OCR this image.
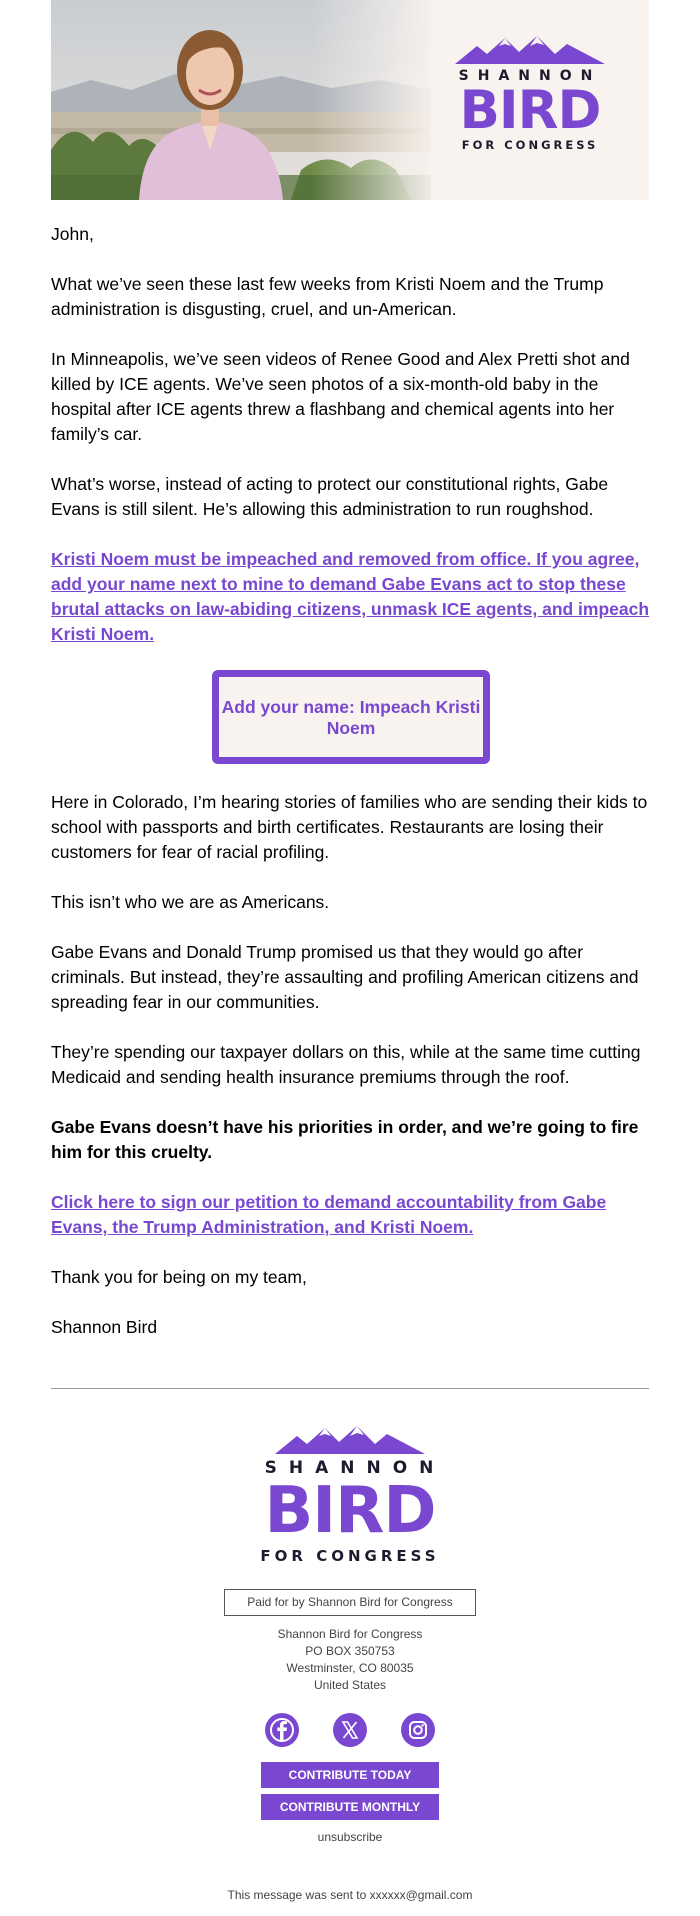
SHANNON
BIRD
FOR CONGRESS

John,

What we’ve seen these last few weeks from Kristi Noem and the Trump administration is disgusting, cruel, and un-American.

In Minneapolis, we’ve seen videos of Renee Good and Alex Pretti shot and killed by ICE agents. We’ve seen photos of a six-month-old baby in the hospital after ICE agents threw a flashbang and chemical agents into her family’s car.

What’s worse, instead of acting to protect our constitutional rights, Gabe Evans is still silent. He’s allowing this administration to run roughshod.

Kristi Noem must be impeached and removed from office. If you agree, add your name next to mine to demand Gabe Evans act to stop these brutal attacks on law-abiding citizens, unmask ICE agents, and impeach Kristi Noem.

Add your name: Impeach Kristi Noem

Here in Colorado, I’m hearing stories of families who are sending their kids to school with passports and birth certificates. Restaurants are losing their customers for fear of racial profiling.

This isn’t who we are as Americans.

Gabe Evans and Donald Trump promised us that they would go after criminals. But instead, they’re assaulting and profiling American citizens and spreading fear in our communities.

They’re spending our taxpayer dollars on this, while at the same time cutting Medicaid and sending health insurance premiums through the roof.

Gabe Evans doesn’t have his priorities in order, and we’re going to fire him for this cruelty.

Click here to sign our petition to demand accountability from Gabe Evans, the Trump Administration, and Kristi Noem.

Thank you for being on my team,

Shannon Bird

SHANNON
BIRD
FOR CONGRESS
Paid for by Shannon Bird for Congress
Shannon Bird for Congress
PO BOX 350753
Westminster, CO 80035
United States
CONTRIBUTE TODAY
CONTRIBUTE MONTHLY
unsubscribe
This message was sent to xxxxxx@gmail.com
